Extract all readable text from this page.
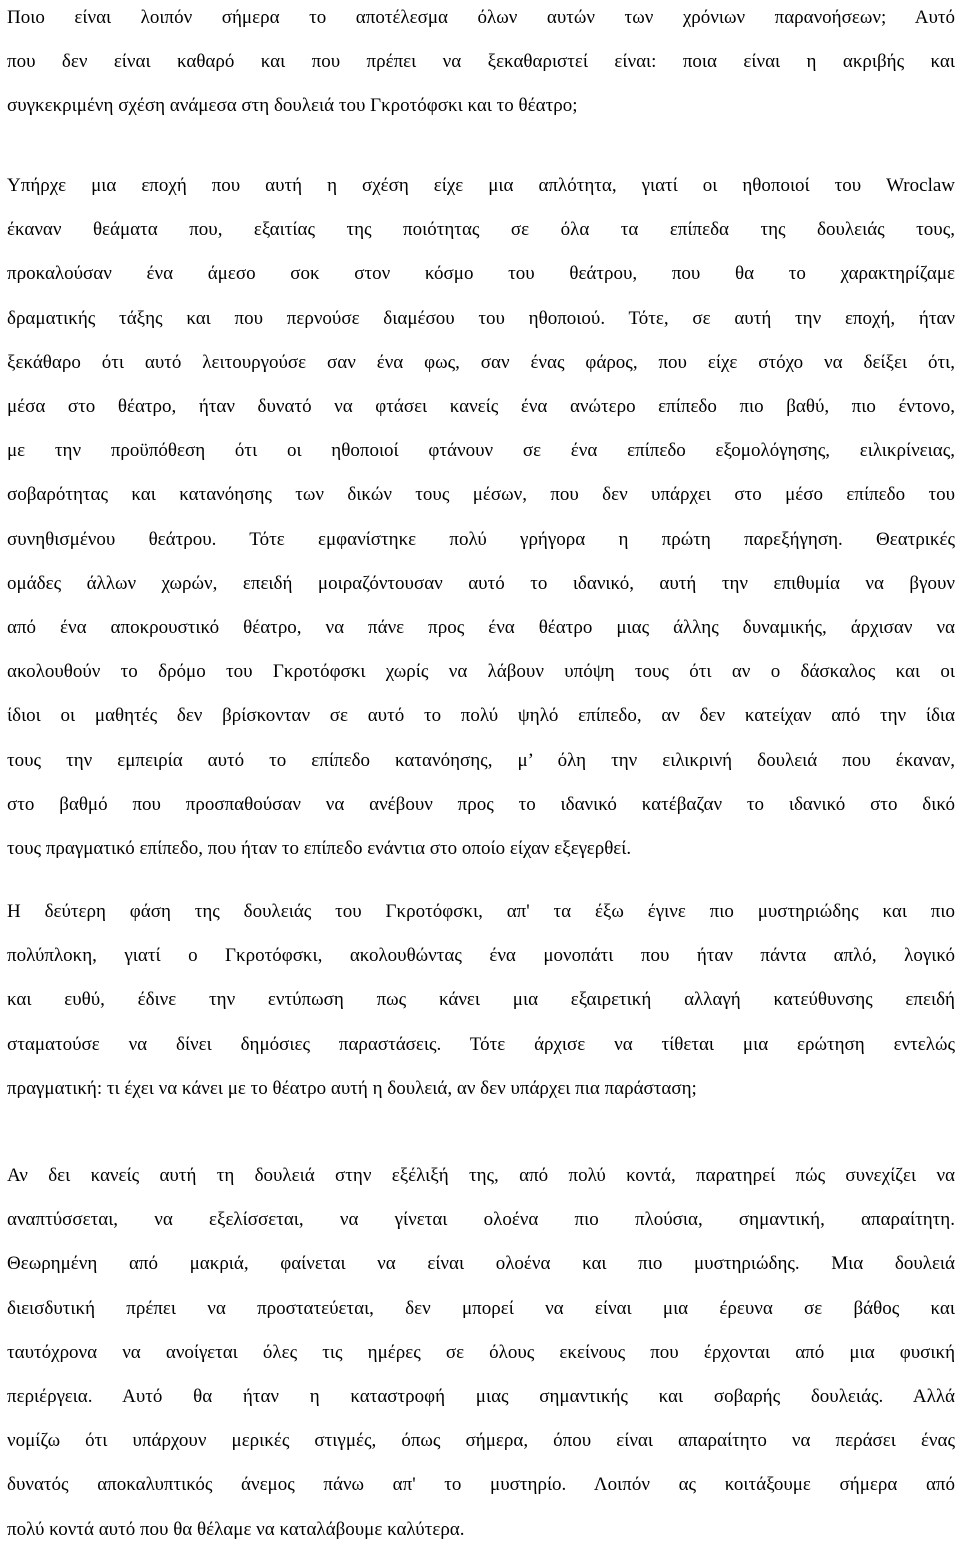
Ποιο είναι λοιπόν σήμερα το αποτέλεσμα όλων αυτών των χρόνιων παρανοήσεων; Αυτό
που δεν είναι καθαρό και που πρέπει να ξεκαθαριστεί είναι: ποια είναι η ακριβής και
συγκεκριμένη σχέση ανάμεσα στη δουλειά του Γκροτόφσκι και το θέατρο;
Υπήρχε μια εποχή που αυτή η σχέση είχε μια απλότητα, γιατί οι ηθοποιοί του Wroclaw
έκαναν θεάματα που, εξαιτίας της ποιότητας σε όλα τα επίπεδα της δουλειάς τους,
προκαλούσαν ένα άμεσο σοκ στον κόσμο του θεάτρου, που θα το χαρακτηρίζαμε
δραματικής τάξης και που περνούσε διαμέσου του ηθοποιού. Τότε, σε αυτή την εποχή, ήταν
ξεκάθαρο ότι αυτό λειτουργούσε σαν ένα φως, σαν ένας φάρος, που είχε στόχο να δείξει ότι,
μέσα στο θέατρο, ήταν δυνατό να φτάσει κανείς ένα ανώτερο επίπεδο πιο βαθύ, πιο έντονο,
με την προϋπόθεση ότι οι ηθοποιοί φτάνουν σε ένα επίπεδο εξομολόγησης, ειλικρίνειας,
σοβαρότητας και κατανόησης των δικών τους μέσων, που δεν υπάρχει στο μέσο επίπεδο του
συνηθισμένου θεάτρου. Τότε εμφανίστηκε πολύ γρήγορα η πρώτη παρεξήγηση. Θεατρικές
ομάδες άλλων χωρών, επειδή μοιραζόντουσαν αυτό το ιδανικό, αυτή την επιθυμία να βγουν
από ένα αποκρουστικό θέατρο, να πάνε προς ένα θέατρο μιας άλλης δυναμικής, άρχισαν να
ακολουθούν το δρόμο του Γκροτόφσκι χωρίς να λάβουν υπόψη τους ότι αν ο δάσκαλος και οι
ίδιοι οι μαθητές δεν βρίσκονταν σε αυτό το πολύ ψηλό επίπεδο, αν δεν κατείχαν από την ίδια
τους την εμπειρία αυτό το επίπεδο κατανόησης, μ’ όλη την ειλικρινή δουλειά που έκαναν,
στο βαθμό που προσπαθούσαν να ανέβουν προς το ιδανικό κατέβαζαν το ιδανικό στο δικό
τους πραγματικό επίπεδο, που ήταν το επίπεδο ενάντια στο οποίο είχαν εξεγερθεί.
Η δεύτερη φάση της δουλειάς του Γκροτόφσκι, απ' τα έξω έγινε πιο μυστηριώδης και πιο
πολύπλοκη, γιατί ο Γκροτόφσκι, ακολουθώντας ένα μονοπάτι που ήταν πάντα απλό, λογικό
και ευθύ, έδινε την εντύπωση πως κάνει μια εξαιρετική αλλαγή κατεύθυνσης επειδή
σταματούσε να δίνει δημόσιες παραστάσεις. Τότε άρχισε να τίθεται μια ερώτηση εντελώς
πραγματική: τι έχει να κάνει με το θέατρο αυτή η δουλειά, αν δεν υπάρχει πια παράσταση;
Αν δει κανείς αυτή τη δουλειά στην εξέλιξή της, από πολύ κοντά, παρατηρεί πώς συνεχίζει να
αναπτύσσεται, να εξελίσσεται, να γίνεται ολοένα πιο πλούσια, σημαντική, απαραίτητη.
Θεωρημένη από μακριά, φαίνεται να είναι ολοένα και πιο μυστηριώδης. Μια δουλειά
διεισδυτική πρέπει να προστατεύεται, δεν μπορεί να είναι μια έρευνα σε βάθος και
ταυτόχρονα να ανοίγεται όλες τις ημέρες σε όλους εκείνους που έρχονται από μια φυσική
περιέργεια. Αυτό θα ήταν η καταστροφή μιας σημαντικής και σοβαρής δουλειάς. Αλλά
νομίζω ότι υπάρχουν μερικές στιγμές, όπως σήμερα, όπου είναι απαραίτητο να περάσει ένας
δυνατός αποκαλυπτικός άνεμος πάνω απ' το μυστηρίο. Λοιπόν ας κοιτάξουμε σήμερα από
πολύ κοντά αυτό που θα θέλαμε να καταλάβουμε καλύτερα.
